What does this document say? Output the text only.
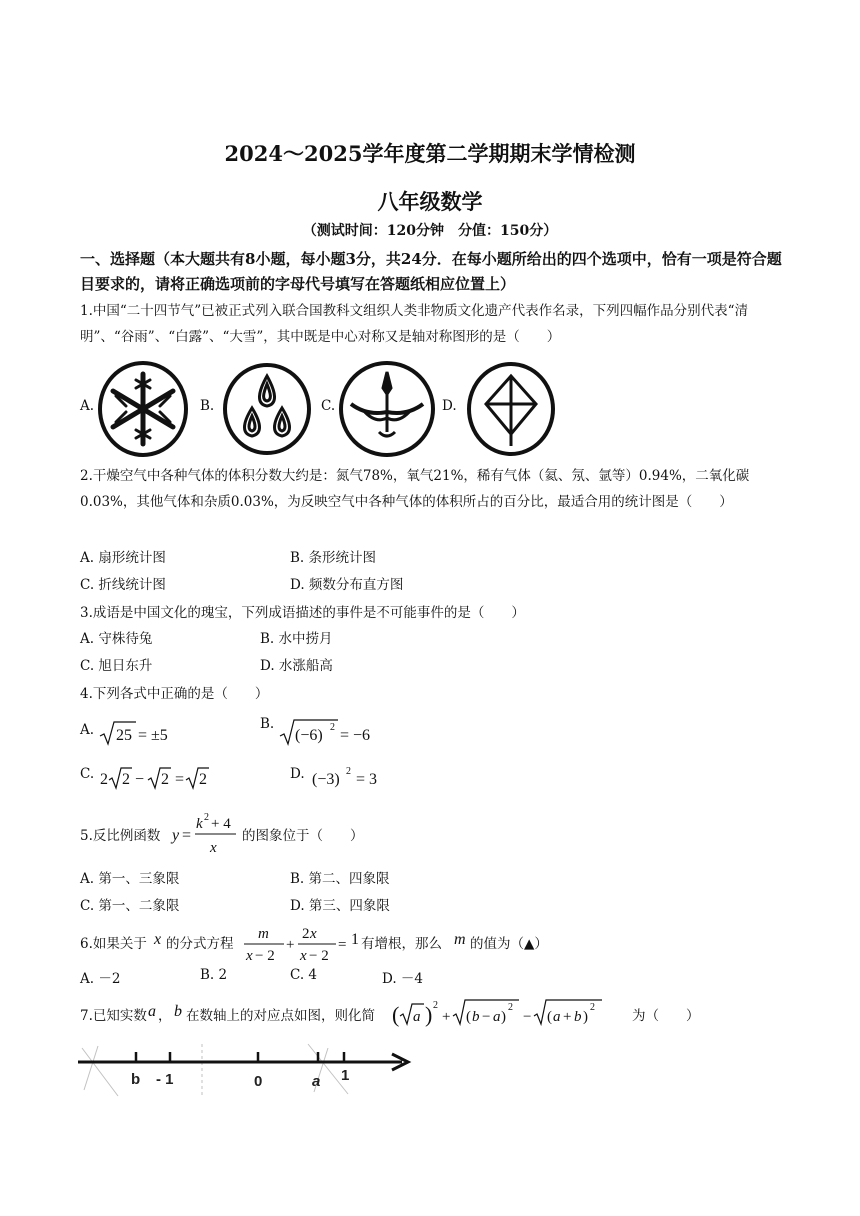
2024～2025学年度第二学期期末学情检测
八年级数学
（测试时间：120分钟　分值：150分）
一、选择题（本大题共有8小题，每小题3分，共24分．在每小题所给出的四个选项中，恰有一项是符合题目要求的，请将正确选项前的字母代号填写在答题纸相应位置上）
1.中国“二十四节气”已被正式列入联合国教科文组织人类非物质文化遗产代表作名录，下列四幅作品分别代表“清明”、“谷雨”、“白露”、“大雪”，其中既是中心对称又是轴对称图形的是（　　）
A.	B.	C.	D.
2.干燥空气中各种气体的体积分数大约是：氮气78%，氧气21%，稀有气体（氦、氖、氩等）0.94%，二氧化碳0.03%，其他气体和杂质0.03%，为反映空气中各种气体的体积所占的百分比，最适合用的统计图是（　　）
A. 扇形统计图	B. 条形统计图
C. 折线统计图	D. 频数分布直方图
3.成语是中国文化的瑰宝，下列成语描述的事件是不可能事件的是（　　）
A. 守株待兔	B. 水中捞月
C. 旭日东升	D. 水涨船高
4.下列各式中正确的是（　　）
A. 25 = ±5
B.
(−6) 2 = −6
C. 2 2 − 2 = 2	D. (−3) 2 = 3
5.反比例函数 y =
k 2 + 4
x
的图象位于（　　）
A. 第一、三象限	B. 第二、四象限
C. 第一、二象限	D. 第三、四象限
6.如果关于 x 的分式方程
m
x − 2
+
2 x
x − 2
= 1 有增根，那么 m 的值为（▲）
A. －2	B. 2	C. 4	D. －4
7.已知实数 a ， b 在数轴上的对应点如图，则化简 ( a ) 2
+ ( b − a )
2
− ( a + b )
2
为（　　）
b - 1	0	a 1
